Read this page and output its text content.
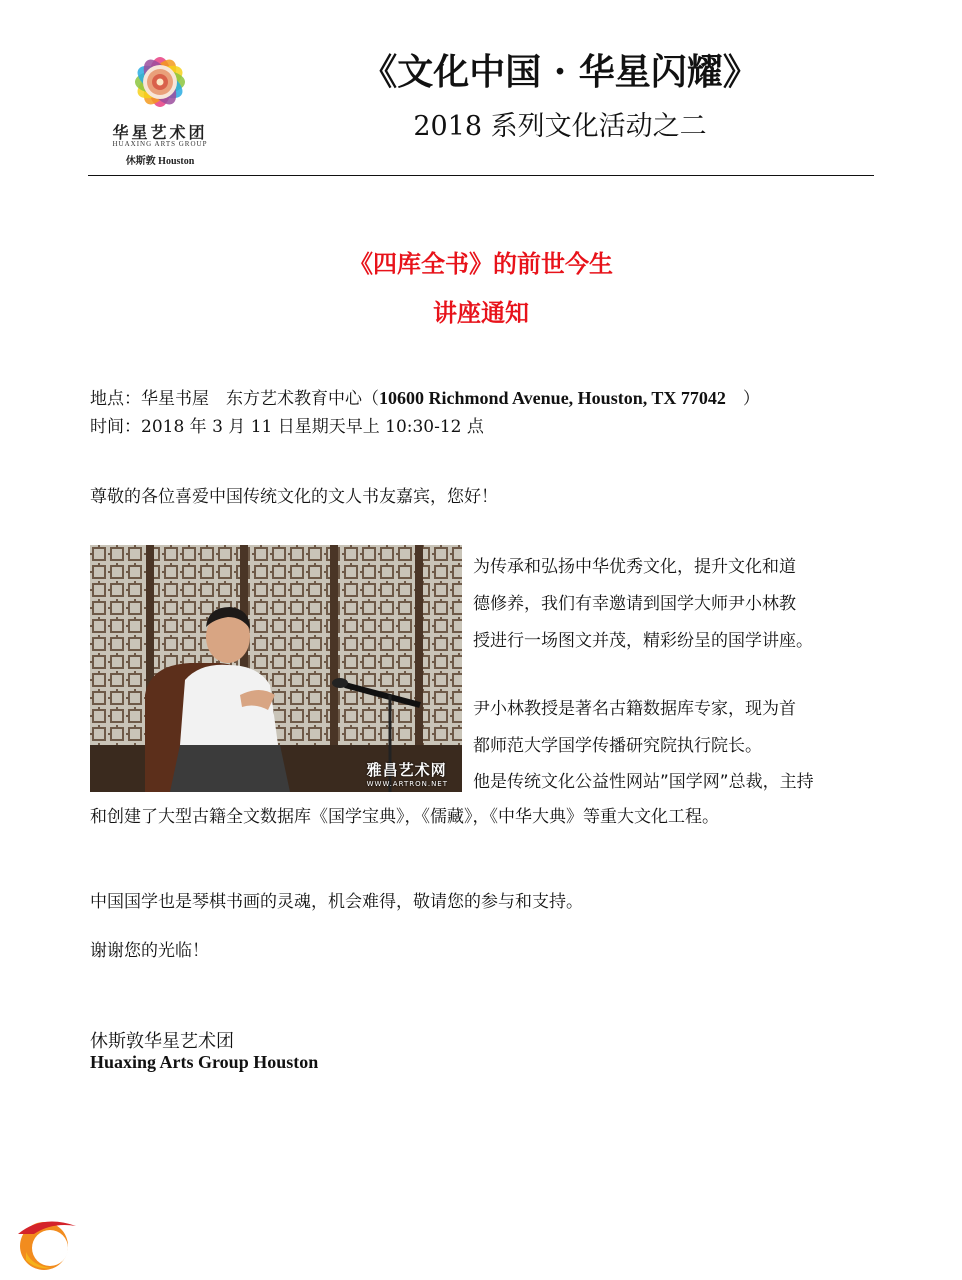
华星艺术团
HUAXING ARTS GROUP
休斯敦 Houston
《文化中国 · 华星闪耀》
2018 系列文化活动之二
《四库全书》的前世今生
讲座通知
地点：华星书屋　东方艺术教育中心（10600 Richmond Avenue, Houston, TX 77042　）
时间：2018 年 3 月 11 日星期天早上 10:30-12 点
尊敬的各位喜爱中国传统文化的文人书友嘉宾，您好！
雅昌艺术网
WWW.ARTRON.NET
为传承和弘扬中华优秀文化，提升文化和道
德修养，我们有幸邀请到国学大师尹小林教
授进行一场图文并茂，精彩纷呈的国学讲座。
尹小林教授是著名古籍数据库专家，现为首
都师范大学国学传播研究院执行院长。
他是传统文化公益性网站”国学网”总裁，主持
和创建了大型古籍全文数据库《国学宝典》，《儒藏》，《中华大典》等重大文化工程。
中国国学也是琴棋书画的灵魂，机会难得，敬请您的参与和支持。
谢谢您的光临！
休斯敦华星艺术团
Huaxing Arts Group Houston
